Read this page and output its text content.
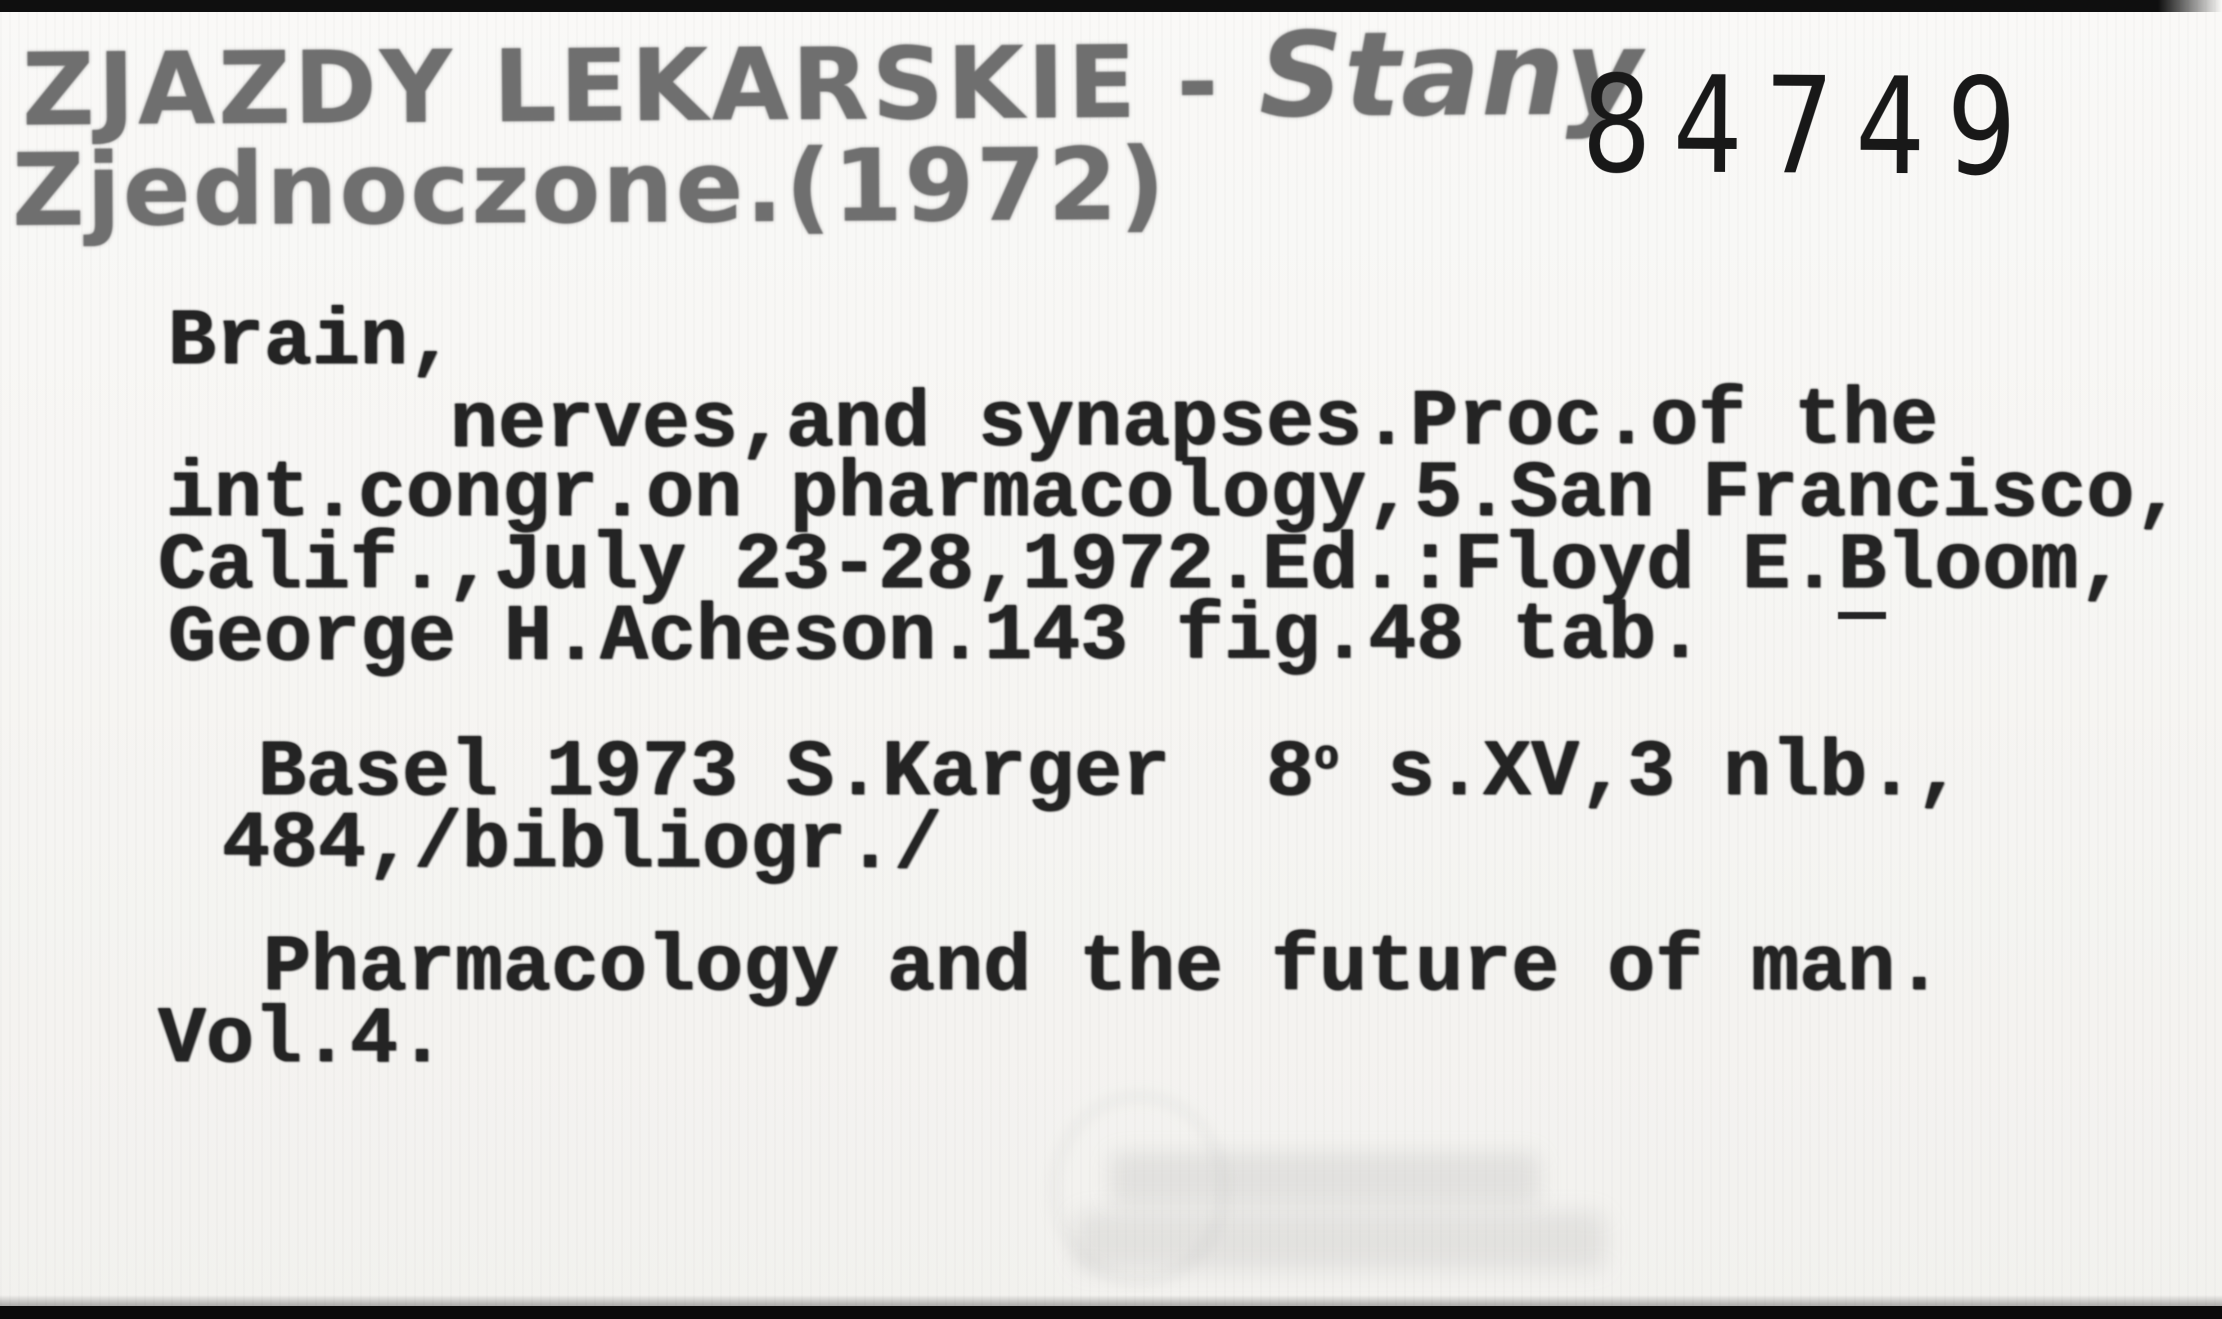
ZJAZDY LEKARSKIE - Stany
84749
Zjednoczone.(1972)
Brain,
nerves,and synapses.Proc.of the
int.congr.on pharmacology,5.San Francisco,
Calif.,July 23-28,1972.Ed.:Floyd E.Bloom,
George H.Acheson.143 fig.48 tab.
Basel 1973 S.Karger  8$^o$ s.XV,3 nlb.,
484,/bibliogr./
Pharmacology and the future of man.
Vol.4.
